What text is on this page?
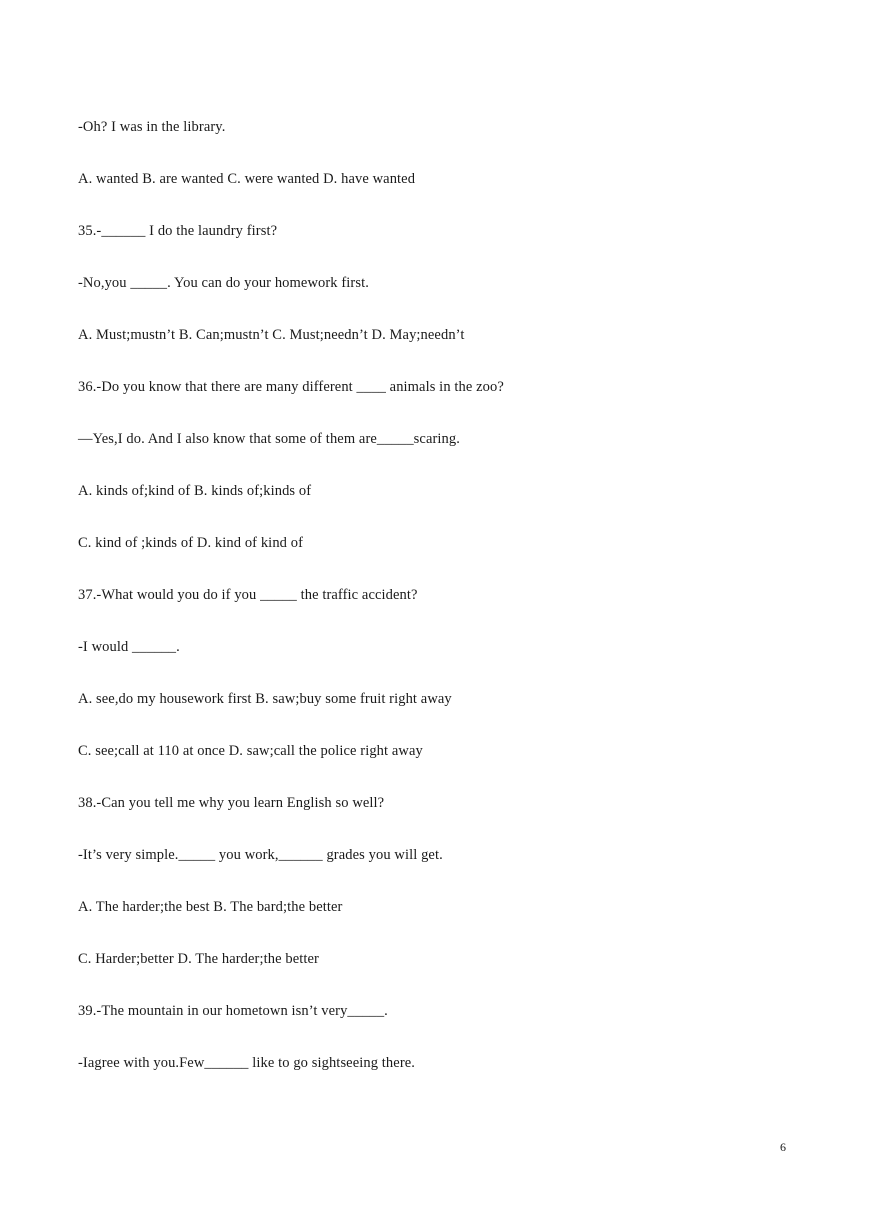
-Oh? I was in the library.
A. wanted B. are wanted C. were wanted D. have wanted
35.-______ I do the laundry first?
-No,you _____. You can do your homework first.
A. Must;mustn’t B. Can;mustn’t C. Must;needn’t D. May;needn’t
36.-Do you know that there are many different ____ animals in the zoo?
—Yes,I do. And I also know that some of them are_____scaring.
A. kinds of;kind of B. kinds of;kinds of
C. kind of ;kinds of D. kind of kind of
37.-What would you do if you _____ the traffic accident?
-I would ______.
A. see,do my housework first B. saw;buy some fruit right away
C. see;call at 110 at once D. saw;call the police right away
38.-Can you tell me why you learn English so well?
-It’s very simple._____ you work,______ grades you will get.
A. The harder;the best B. The bard;the better
C. Harder;better D. The harder;the better
39.-The mountain in our hometown isn’t very_____.
-Iagree with you.Few______ like to go sightseeing there.
6
